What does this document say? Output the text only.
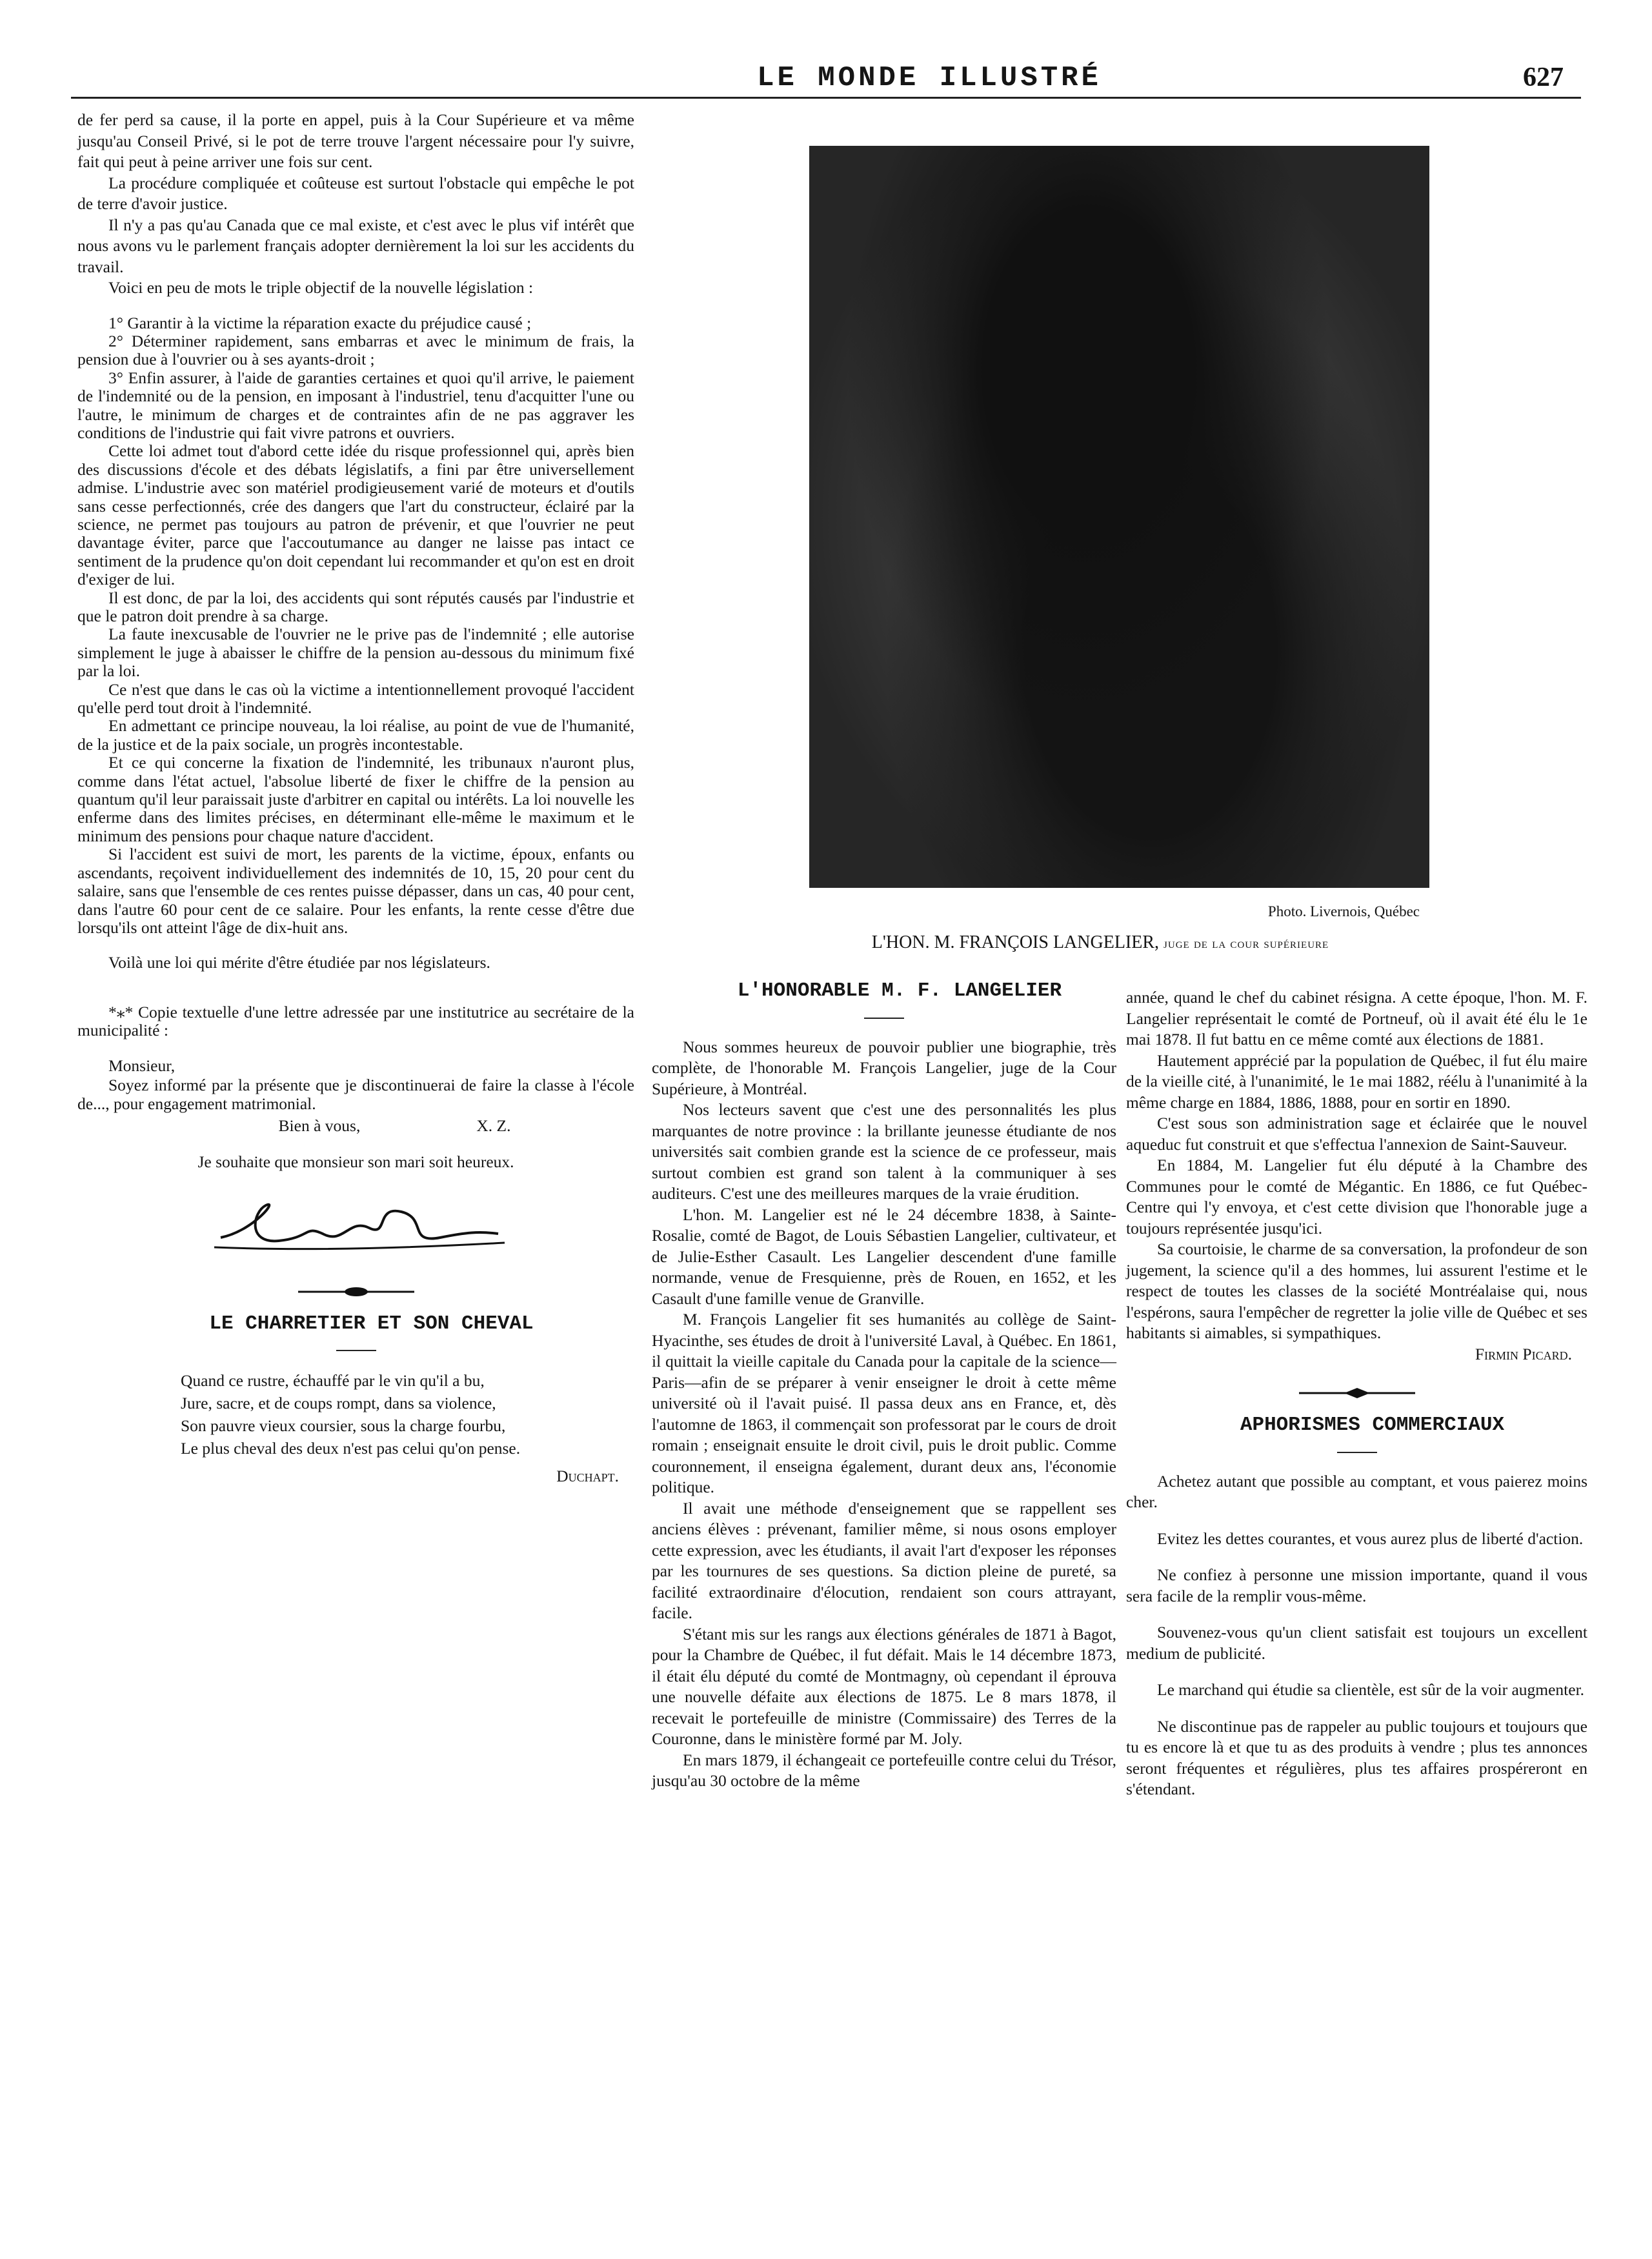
LE MONDE ILLUSTRÉ	627

de fer perd sa cause, il la porte en appel, puis à la Cour Supérieure et va même jusqu'au Conseil Privé, si le pot de terre trouve l'argent nécessaire pour l'y suivre, fait qui peut à peine arriver une fois sur cent.

La procédure compliquée et coûteuse est surtout l'obstacle qui empêche le pot de terre d'avoir justice.

Il n'y a pas qu'au Canada que ce mal existe, et c'est avec le plus vif intérêt que nous avons vu le parlement français adopter dernièrement la loi sur les accidents du travail.

Voici en peu de mots le triple objectif de la nouvelle législation :

1° Garantir à la victime la réparation exacte du préjudice causé ;

2° Déterminer rapidement, sans embarras et avec le minimum de frais, la pension due à l'ouvrier ou à ses ayants-droit ;

3° Enfin assurer, à l'aide de garanties certaines et quoi qu'il arrive, le paiement de l'indemnité ou de la pension, en imposant à l'industriel, tenu d'acquitter l'une ou l'autre, le minimum de charges et de contraintes afin de ne pas aggraver les conditions de l'industrie qui fait vivre patrons et ouvriers.

Cette loi admet tout d'abord cette idée du risque professionnel qui, après bien des discussions d'école et des débats législatifs, a fini par être universellement admise. L'industrie avec son matériel prodigieusement varié de moteurs et d'outils sans cesse perfectionnés, crée des dangers que l'art du constructeur, éclairé par la science, ne permet pas toujours au patron de prévenir, et que l'ouvrier ne peut davantage éviter, parce que l'accoutumance au danger ne laisse pas intact ce sentiment de la prudence qu'on doit cependant lui recommander et qu'on est en droit d'exiger de lui.

Il est donc, de par la loi, des accidents qui sont réputés causés par l'industrie et que le patron doit prendre à sa charge.

La faute inexcusable de l'ouvrier ne le prive pas de l'indemnité ; elle autorise simplement le juge à abaisser le chiffre de la pension au-dessous du minimum fixé par la loi.

Ce n'est que dans le cas où la victime a intentionnellement provoqué l'accident qu'elle perd tout droit à l'indemnité.

En admettant ce principe nouveau, la loi réalise, au point de vue de l'humanité, de la justice et de la paix sociale, un progrès incontestable.

Et ce qui concerne la fixation de l'indemnité, les tribunaux n'auront plus, comme dans l'état actuel, l'absolue liberté de fixer le chiffre de la pension au quantum qu'il leur paraissait juste d'arbitrer en capital ou intérêts. La loi nouvelle les enferme dans des limites précises, en déterminant elle-même le maximum et le minimum des pensions pour chaque nature d'accident.

Si l'accident est suivi de mort, les parents de la victime, époux, enfants ou ascendants, reçoivent individuellement des indemnités de 10, 15, 20 pour cent du salaire, sans que l'ensemble de ces rentes puisse dépasser, dans un cas, 40 pour cent, dans l'autre 60 pour cent de ce salaire. Pour les enfants, la rente cesse d'être due lorsqu'ils ont atteint l'âge de dix-huit ans.

Voilà une loi qui mérite d'être étudiée par nos législateurs.

*⁎* Copie textuelle d'une lettre adressée par une institutrice au secrétaire de la municipalité :

Monsieur,

Soyez informé par la présente que je discontinuerai de faire la classe à l'école de..., pour engagement matrimonial.

Bien à vous,	X. Z.

Je souhaite que monsieur son mari soit heureux.

LE CHARRETIER ET SON CHEVAL

Quand ce rustre, échauffé par le vin qu'il a bu,

Jure, sacre, et de coups rompt, dans sa violence,

Son pauvre vieux coursier, sous la charge fourbu,

Le plus cheval des deux n'est pas celui qu'on pense.

Duchapt.

Photo. Livernois, Québec
L'HON. M. FRANÇOIS LANGELIER, juge de la cour supérieure

L'HONORABLE M. F. LANGELIER

Nous sommes heureux de pouvoir publier une biographie, très complète, de l'honorable M. François Langelier, juge de la Cour Supérieure, à Montréal.

Nos lecteurs savent que c'est une des personnalités les plus marquantes de notre province : la brillante jeunesse étudiante de nos universités sait combien grande est la science de ce professeur, mais surtout combien est grand son talent à la communiquer à ses auditeurs. C'est une des meilleures marques de la vraie érudition.

L'hon. M. Langelier est né le 24 décembre 1838, à Sainte-Rosalie, comté de Bagot, de Louis Sébastien Langelier, cultivateur, et de Julie-Esther Casault. Les Langelier descendent d'une famille normande, venue de Fresquienne, près de Rouen, en 1652, et les Casault d'une famille venue de Granville.

M. François Langelier fit ses humanités au collège de Saint-Hyacinthe, ses études de droit à l'université Laval, à Québec. En 1861, il quittait la vieille capitale du Canada pour la capitale de la science—Paris—afin de se préparer à venir enseigner le droit à cette même université où il l'avait puisé. Il passa deux ans en France, et, dès l'automne de 1863, il commençait son professorat par le cours de droit romain ; enseignait ensuite le droit civil, puis le droit public. Comme couronnement, il enseigna également, durant deux ans, l'économie politique.

Il avait une méthode d'enseignement que se rappellent ses anciens élèves : prévenant, familier même, si nous osons employer cette expression, avec les étudiants, il avait l'art d'exposer les réponses par les tournures de ses questions. Sa diction pleine de pureté, sa facilité extraordinaire d'élocution, rendaient son cours attrayant, facile.

S'étant mis sur les rangs aux élections générales de 1871 à Bagot, pour la Chambre de Québec, il fut défait. Mais le 14 décembre 1873, il était élu député du comté de Montmagny, où cependant il éprouva une nouvelle défaite aux élections de 1875. Le 8 mars 1878, il recevait le portefeuille de ministre (Commissaire) des Terres de la Couronne, dans le ministère formé par M. Joly.

En mars 1879, il échangeait ce portefeuille contre celui du Trésor, jusqu'au 30 octobre de la même

année, quand le chef du cabinet résigna. A cette époque, l'hon. M. F. Langelier représentait le comté de Portneuf, où il avait été élu le 1e mai 1878. Il fut battu en ce même comté aux élections de 1881.

Hautement apprécié par la population de Québec, il fut élu maire de la vieille cité, à l'unanimité, le 1e mai 1882, réélu à l'unanimité à la même charge en 1884, 1886, 1888, pour en sortir en 1890.

C'est sous son administration sage et éclairée que le nouvel aqueduc fut construit et que s'effectua l'annexion de Saint-Sauveur.

En 1884, M. Langelier fut élu député à la Chambre des Communes pour le comté de Mégantic. En 1886, ce fut Québec-Centre qui l'y envoya, et c'est cette division que l'honorable juge a toujours représentée jusqu'ici.

Sa courtoisie, le charme de sa conversation, la profondeur de son jugement, la science qu'il a des hommes, lui assurent l'estime et le respect de toutes les classes de la société Montréalaise qui, nous l'espérons, saura l'empêcher de regretter la jolie ville de Québec et ses habitants si aimables, si sympathiques.

Firmin Picard.

APHORISMES COMMERCIAUX

Achetez autant que possible au comptant, et vous paierez moins cher.

Evitez les dettes courantes, et vous aurez plus de liberté d'action.

Ne confiez à personne une mission importante, quand il vous sera facile de la remplir vous-même.

Souvenez-vous qu'un client satisfait est toujours un excellent medium de publicité.

Le marchand qui étudie sa clientèle, est sûr de la voir augmenter.

Ne discontinue pas de rappeler au public toujours et toujours que tu es encore là et que tu as des produits à vendre ; plus tes annonces seront fréquentes et régulières, plus tes affaires prospéreront en s'étendant.
